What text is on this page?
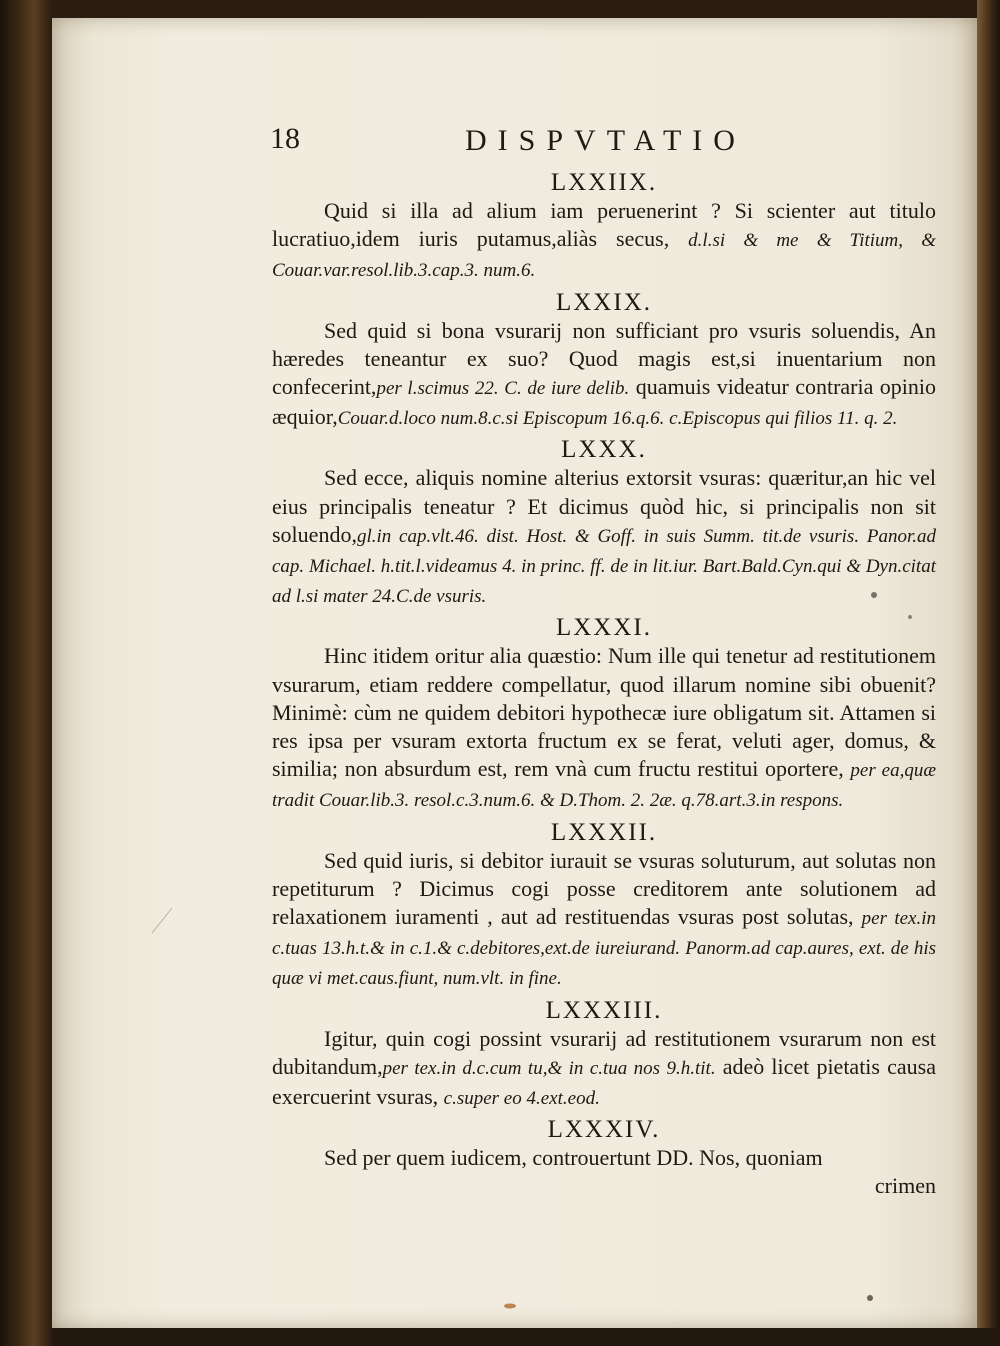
18	DISPVTATIO

LXXIIX.

Quid si illa ad alium iam peruenerint ? Si scienter aut titulo lucratiuo,idem iuris putamus,aliàs secus, d.l.si & me & Titium, & Couar.var.resol.lib.3.cap.3. num.6.

LXXIX.

Sed quid si bona vsurarij non sufficiant pro vsuris soluendis, An hæredes teneantur ex suo? Quod magis est,si inuentarium non confecerint,per l.scimus 22. C. de iure delib. quamuis videatur contraria opinio æquior,Couar.d.loco num.8.c.si Episcopum 16.q.6. c.Episcopus qui filios 11. q. 2.

LXXX.

Sed ecce, aliquis nomine alterius extorsit vsuras: quæritur,an hic vel eius principalis teneatur ? Et dicimus quòd hic, si principalis non sit soluendo,gl.in cap.vlt.46. dist. Host. & Goff. in suis Summ. tit.de vsuris. Panor.ad cap. Michael. h.tit.l.videamus 4. in princ. ff. de in lit.iur. Bart.Bald.Cyn.qui & Dyn.citat ad l.si mater 24.C.de vsuris.

LXXXI.

Hinc itidem oritur alia quæstio: Num ille qui tenetur ad restitutionem vsurarum, etiam reddere compellatur, quod illarum nomine sibi obuenit? Minimè: cùm ne quidem debitori hypothecæ iure obligatum sit. Attamen si res ipsa per vsuram extorta fructum ex se ferat, veluti ager, domus, & similia; non absurdum est, rem vnà cum fructu restitui oportere, per ea,quæ tradit Couar.lib.3. resol.c.3.num.6. & D.Thom. 2. 2æ. q.78.art.3.in respons.

LXXXII.

Sed quid iuris, si debitor iurauit se vsuras soluturum, aut solutas non repetiturum ? Dicimus cogi posse creditorem ante solutionem ad relaxationem iuramenti , aut ad restituendas vsuras post solutas, per tex.in c.tuas 13.h.t.& in c.1.& c.debitores,ext.de iureiurand. Panorm.ad cap.aures, ext. de his quæ vi met.caus.fiunt, num.vlt. in fine.

LXXXIII.

Igitur, quin cogi possint vsurarij ad restitutionem vsurarum non est dubitandum,per tex.in d.c.cum tu,& in c.tua nos 9.h.tit. adeò licet pietatis causa exercuerint vsuras, c.super eo 4.ext.eod.

LXXXIV.

Sed per quem iudicem, controuertunt DD. Nos, quoniam

crimen
